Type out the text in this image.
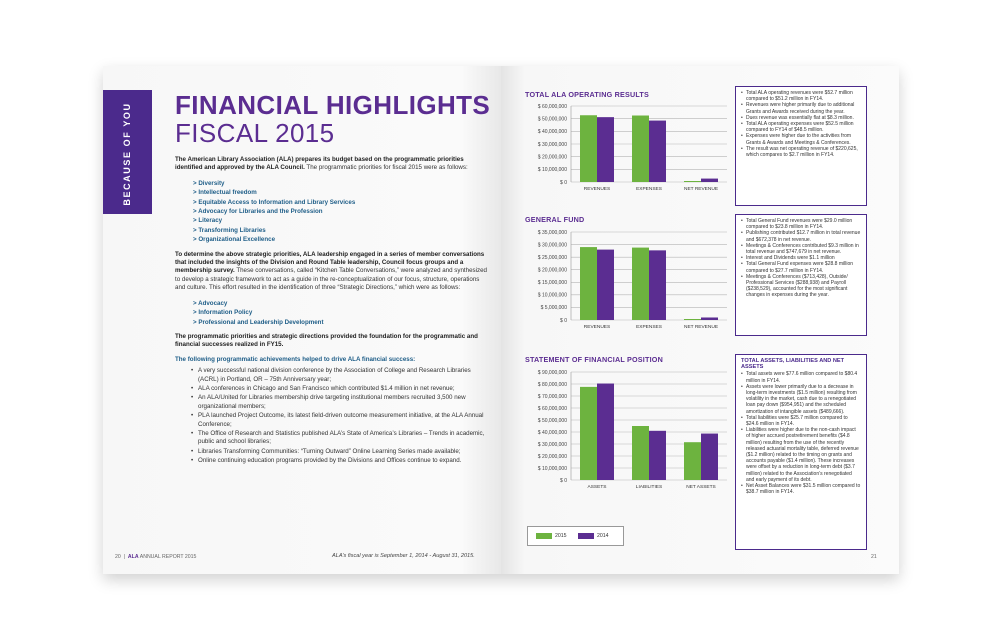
BECAUSE OF YOU FINANCIAL HIGHLIGHTS
FISCAL 2015

The American Library Association (ALA) prepares its budget based on the programmatic priorities identified and approved by the ALA Council. The programmatic priorities for fiscal 2015 were as follows:

> Diversity
> Intellectual freedom
> Equitable Access to Information and Library Services
> Advocacy for Libraries and the Profession
> Literacy
> Transforming Libraries
> Organizational Excellence

To determine the above strategic priorities, ALA leadership engaged in a series of member conversations that included the insights of the Division and Round Table leadership, Council focus groups and a membership survey. These conversations, called “Kitchen Table Conversations,” were analyzed and synthesized to develop a strategic framework to act as a guide in the re-conceptualization of our focus, structure, operations and culture. This effort resulted in the identification of three “Strategic Directions,” which were as follows:

> Advocacy
> Information Policy
> Professional and Leadership Development

The programmatic priorities and strategic directions provided the foundation for the programmatic and financial successes realized in FY15.

The following programmatic achievements helped to drive ALA financial success:
• A very successful national division conference by the Association of College and Research Libraries (ACRL) in Portland, OR – 75th Anniversary year;
• ALA conferences in Chicago and San Francisco which contributed $1.4 million in net revenue;
• An ALA/United for Libraries membership drive targeting institutional members recruited 3,500 new organizational members;
• PLA launched Project Outcome, its latest field-driven outcome measurement initiative, at the ALA Annual Conference;
• The Office of Research and Statistics published ALA’s State of America’s Libraries – Trends in academic, public and school libraries;
• Libraries Transforming Communities: “Turning Outward” Online Learning Series made available;
• Online continuing education programs provided by the Divisions and Offices continue to expand.
20  |  ALA ANNUAL REPORT 2015	ALA’s fiscal year is September 1, 2014 - August 31, 2015.
TOTAL ALA OPERATING RESULTS
$ 0
$ 10,000,000
$ 20,000,000
$ 30,000,000
$ 40,000,000
$ 50,000,000
$ 60,000,000
REVENUES	EXPENSES	NET REVENUE
GENERAL FUND
$ 0
$ 5,000,000
$ 10,000,000
$ 15,000,000
$ 20,000,000
$ 25,000,000
$ 30,000,000
$ 35,000,000
REVENUES	EXPENSES	NET REVENUE
STATEMENT OF FINANCIAL POSITION
$ 0
$ 10,000,000
$ 20,000,000
$ 30,000,000
$ 40,000,000
$ 50,000,000
$ 60,000,000
$ 70,000,000
$ 80,000,000
$ 90,000,000
ASSETS	LIABILITIES	NET ASSETS
2015	2014
• Total ALA operating revenues were $52.7 million compared to $51.2 million in FY14.
• Revenues were higher primarily due to additional Grants and Awards received during the year.
• Dues revenue was essentially flat at $8.3 million.
• Total ALA operating expenses were $52.5 million compared to FY14 of $48.5 million.
• Expenses were higher due to the activities from Grants & Awards and Meetings & Conferences.
• The result was net operating revenue of $220,625, which compares to $2.7 million in FY14.
• Total General Fund revenues were $29.0 million compared to $23.8 million in FY14.
• Publishing contributed $12.7 million in total revenue and $672,378 in net revenue.
• Meetings & Conferences contributed $9.3 million in total revenue and $747,679 in net revenue.
• Interest and Dividends were $1.1 million
• Total General Fund expenses were $28.8 million compared to $27.7 million in FY14.
• Meetings & Conferences ($713,428), Outside/ Professional Services ($288,938) and Payroll ($238,529), accounted for the most significant changes in expenses during the year.
TOTAL ASSETS, LIABILITIES AND NET ASSETS
• Total assets were $77.6 million compared to $80.4 million in FY14.
• Assets were lower primarily due to a decrease in long-term investments ($1.5 million) resulting from volatility in the market, cash due to a renegotiated loan pay down ($954,951) and the scheduled amortization of intangible assets ($489,666).
• Total liabilities were $25.7 million compared to $24.6 million in FY14.
• Liabilities were higher due to the non-cash impact of higher accrued postretirement benefits ($4.8 million) resulting from the use of the recently released actuarial mortality table, deferred revenue ($1.2 million) related to the timing on grants and accounts payable ($1.4 million). These increases were offset by a reduction in long-term debt ($3.7 million) related to the Association’s renegotiated and early payment of its debt.
• Net Asset Balances were $31.5 million compared to $38.7 million in FY14.
21
